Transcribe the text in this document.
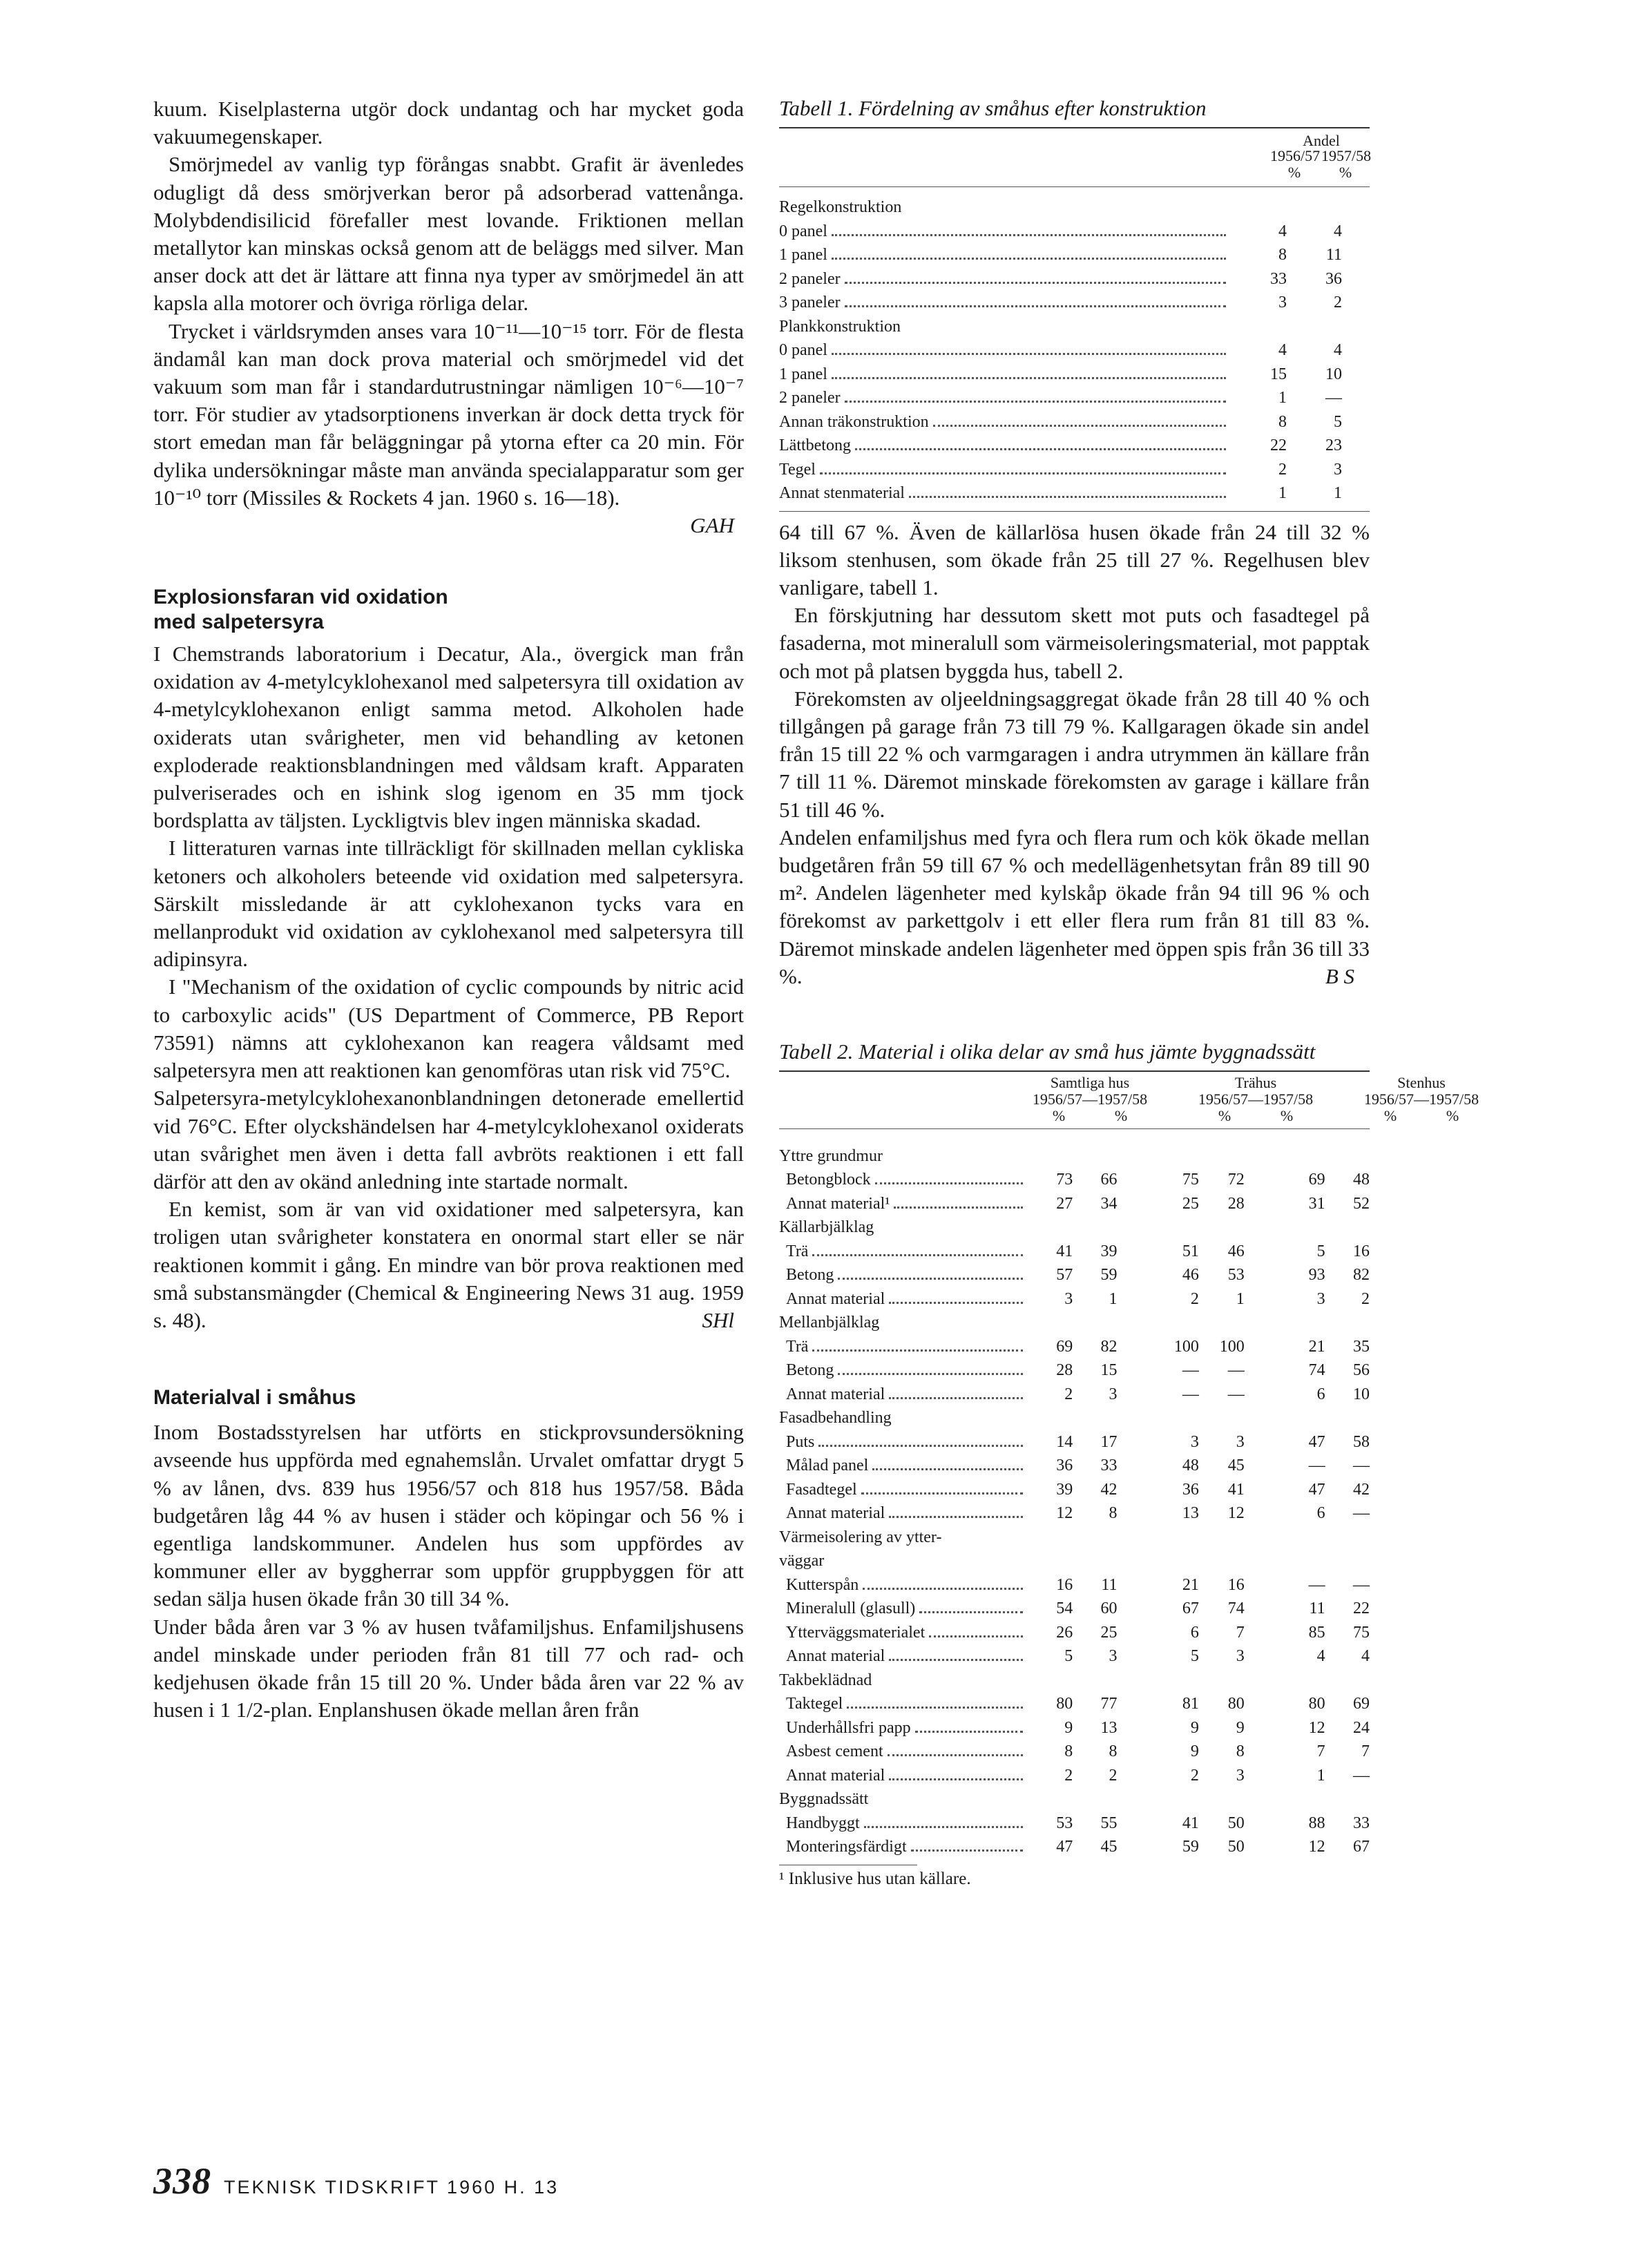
kuum. Kiselplasterna utgör dock undantag och har mycket goda vakuumegenskaper.

Smörjmedel av vanlig typ förångas snabbt. Grafit är ävenledes odugligt då dess smörjverkan beror på adsorberad vattenånga. Molybdendisilicid förefaller mest lovande. Friktionen mellan metallytor kan minskas också genom att de beläggs med silver. Man anser dock att det är lättare att finna nya typer av smörjmedel än att kapsla alla motorer och övriga rörliga delar.

Trycket i världsrymden anses vara 10⁻¹¹—10⁻¹⁵ torr. För de flesta ändamål kan man dock prova material och smörjmedel vid det vakuum som man får i standardutrustningar nämligen 10⁻⁶—10⁻⁷ torr. För studier av ytadsorptionens inverkan är dock detta tryck för stort emedan man får beläggningar på ytorna efter ca 20 min. För dylika undersökningar måste man använda specialapparatur som ger 10⁻¹⁰ torr (Missiles & Rockets 4 jan. 1960 s. 16—18).

GAH

Explosionsfaran vid oxidation
med salpetersyra

I Chemstrands laboratorium i Decatur, Ala., övergick man från oxidation av 4-metylcyklohexanol med salpetersyra till oxidation av 4-metylcyklohexanon enligt samma metod. Alkoholen hade oxiderats utan svårigheter, men vid behandling av ketonen exploderade reaktionsblandningen med våldsam kraft. Apparaten pulveriserades och en ishink slog igenom en 35 mm tjock bordsplatta av täljsten. Lyckligtvis blev ingen människa skadad.

I litteraturen varnas inte tillräckligt för skillnaden mellan cykliska ketoners och alkoholers beteende vid oxidation med salpetersyra. Särskilt missledande är att cyklohexanon tycks vara en mellanprodukt vid oxidation av cyklohexanol med salpetersyra till adipinsyra.

I "Mechanism of the oxidation of cyclic compounds by nitric acid to carboxylic acids" (US Department of Commerce, PB Report 73591) nämns att cyklohexanon kan reagera våldsamt med salpetersyra men att reaktionen kan genomföras utan risk vid 75°C.

Salpetersyra-metylcyklohexanonblandningen detonerade emellertid vid 76°C. Efter olyckshändelsen har 4-metylcyklohexanol oxiderats utan svårighet men även i detta fall avbröts reaktionen i ett fall därför att den av okänd anledning inte startade normalt.

En kemist, som är van vid oxidationer med salpetersyra, kan troligen utan svårigheter konstatera en onormal start eller se när reaktionen kommit i gång. En mindre van bör prova reaktionen med små substansmängder (Chemical & Engineering News 31 aug. 1959 s. 48).	SHl

Materialval i småhus

Inom Bostadsstyrelsen har utförts en stickprovsundersökning avseende hus uppförda med egnahemslån. Urvalet omfattar drygt 5 % av lånen, dvs. 839 hus 1956/57 och 818 hus 1957/58. Båda budgetåren låg 44 % av husen i städer och köpingar och 56 % i egentliga landskommuner. Andelen hus som uppfördes av kommuner eller av byggherrar som uppför gruppbyggen för att sedan sälja husen ökade från 30 till 34 %.

Under båda åren var 3 % av husen tvåfamiljshus. Enfamiljshusens andel minskade under perioden från 81 till 77 och rad- och kedjehusen ökade från 15 till 20 %. Under båda åren var 22 % av husen i 1 1/2-plan. Enplanshusen ökade mellan åren från

Tabell 1. Fördelning av småhus efter konstruktion

Andel
1956/57 1957/58
%	%
Regelkonstruktion			

0 panel	4	4	

1 panel	8	11	

2 paneler	33	36	

3 paneler	3	2	
Plankkonstruktion			

0 panel	4	4	

1 panel	15	10	

2 paneler	1	—	

Annan träkonstruktion	8	5	

Lättbetong	22	23	

Tegel	2	3	

Annat stenmaterial	1	1	

64 till 67 %. Även de källarlösa husen ökade från 24 till 32 % liksom stenhusen, som ökade från 25 till 27 %. Regelhusen blev vanligare, tabell 1.

En förskjutning har dessutom skett mot puts och fasadtegel på fasaderna, mot mineralull som värmeisoleringsmaterial, mot papptak och mot på platsen byggda hus, tabell 2.

Förekomsten av oljeeldningsaggregat ökade från 28 till 40 % och tillgången på garage från 73 till 79 %. Kallgaragen ökade sin andel från 15 till 22 % och varmgaragen i andra utrymmen än källare från 7 till 11 %. Däremot minskade förekomsten av garage i källare från 51 till 46 %.

Andelen enfamiljshus med fyra och flera rum och kök ökade mellan budgetåren från 59 till 67 % och medellägenhetsytan från 89 till 90 m². Andelen lägenheter med kylskåp ökade från 94 till 96 % och förekomst av parkettgolv i ett eller flera rum från 81 till 83 %. Däremot minskade andelen lägenheter med öppen spis från 36 till 33 %.	B S

Tabell 2. Material i olika delar av små hus jämte byggnadssätt

Samtliga hus
1956/57—1957/58
%	%
Trähus
1956/57—1957/58
%	%
Stenhus
1956/57—1957/58
%	%
Yttre grundmur						

Betongblock	73	66	75	72	69	48

Annat material¹	27	34	25	28	31	52
Källarbjälklag						

Trä	41	39	51	46	5	16

Betong	57	59	46	53	93	82

Annat material	3	1	2	1	3	2
Mellanbjälklag						

Trä	69	82	100	100	21	35

Betong	28	15	—	—	74	56

Annat material	2	3	—	—	6	10
Fasadbehandling						

Puts	14	17	3	3	47	58

Målad panel	36	33	48	45	—	—

Fasadtegel	39	42	36	41	47	42

Annat material	12	8	13	12	6	—
Värmeisolering av ytter-						
väggar						

Kutterspån	16	11	21	16	—	—

Mineralull (glasull)	54	60	67	74	11	22

Ytterväggsmaterialet	26	25	6	7	85	75

Annat material	5	3	5	3	4	4
Takbeklädnad						

Taktegel	80	77	81	80	80	69

Underhållsfri papp	9	13	9	9	12	24

Asbest cement	8	8	9	8	7	7

Annat material	2	2	2	3	1	—
Byggnadssätt						

Handbyggt	53	55	41	50	88	33

Monteringsfärdigt	47	45	59	50	12	67

¹ Inklusive hus utan källare.

338 TEKNISK TIDSKRIFT 1960 H. 13
